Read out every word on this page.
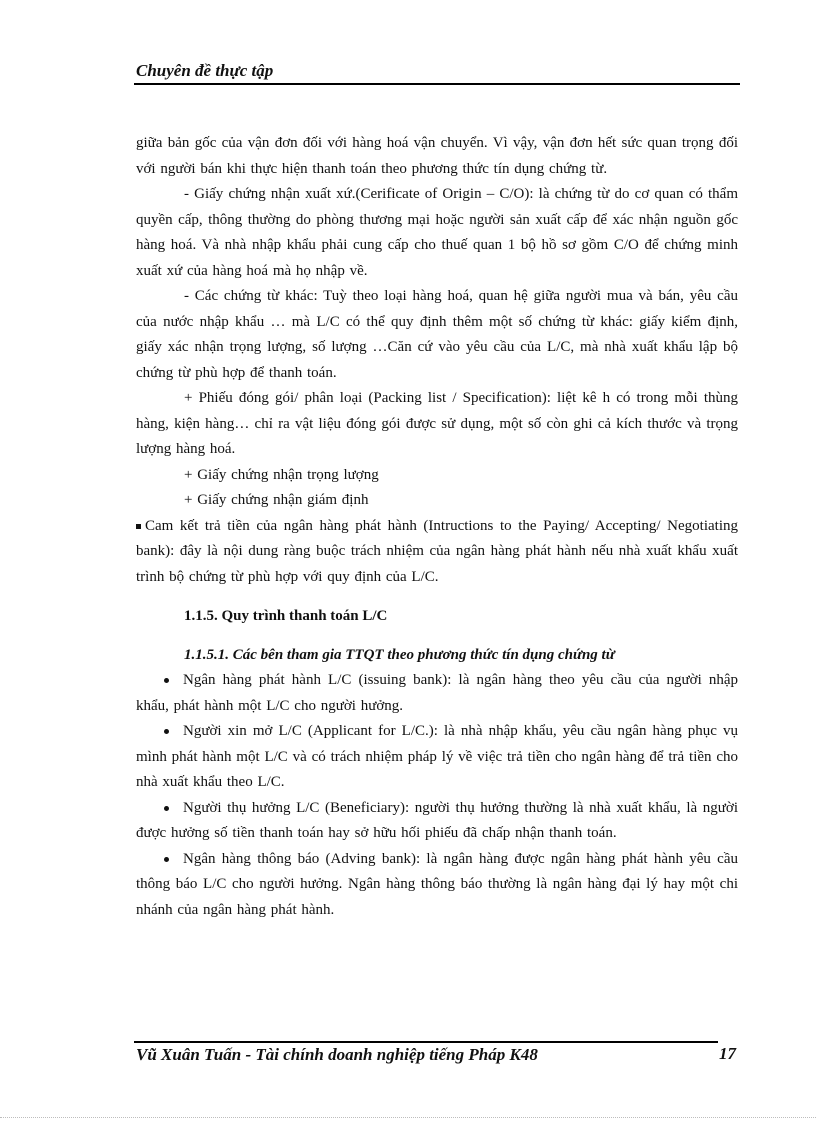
Chuyên đề thực tập

giữa bản gốc của vận đơn đối với hàng hoá vận chuyển. Vì vậy, vận đơn hết sức quan trọng đối với người bán khi thực hiện thanh toán theo phương thức tín dụng chứng từ.

- Giấy chứng nhận xuất xứ.(Cerificate of Origin – C/O): là chứng từ do cơ quan có thẩm quyền cấp, thông thường do phòng thương mại hoặc người sản xuất cấp để xác nhận nguồn gốc hàng hoá. Và nhà nhập khẩu phải cung cấp cho thuế quan 1 bộ hồ sơ gồm C/O để chứng minh xuất xứ của hàng hoá mà họ nhập về.

- Các chứng từ khác: Tuỳ theo loại hàng hoá, quan hệ giữa người mua và bán, yêu cầu của nước nhập khẩu … mà L/C có thể quy định thêm một số chứng từ khác: giấy kiểm định, giấy xác nhận trọng lượng, số lượng …Căn cứ vào yêu cầu của L/C, mà nhà xuất khẩu lập bộ chứng từ phù hợp để thanh toán.

+ Phiếu đóng gói/ phân loại (Packing list / Specification): liệt kê h có trong mỗi thùng hàng, kiện hàng… chỉ ra vật liệu đóng gói được sử dụng, một số còn ghi cả kích thước và trọng lượng hàng hoá.

+ Giấy chứng nhận trọng lượng

+ Giấy chứng nhận giám định

Cam kết trả tiền của ngân hàng phát hành (Intructions to the Paying/ Accepting/ Negotiating bank): đây là nội dung ràng buộc trách nhiệm của ngân hàng phát hành nếu nhà xuất khẩu xuất trình bộ chứng từ phù hợp với quy định của L/C.

1.1.5. Quy trình thanh toán L/C

1.1.5.1. Các bên tham gia TTQT theo phương thức tín dụng chứng từ

Ngân hàng phát hành L/C (issuing bank): là ngân hàng theo yêu cầu của người nhập khẩu, phát hành một L/C cho người hưởng.

Người xin mở L/C (Applicant for L/C.): là nhà nhập khẩu, yêu cầu ngân hàng phục vụ mình phát hành một L/C và có trách nhiệm pháp lý về việc trả tiền cho ngân hàng để trả tiền cho nhà xuất khẩu theo L/C.

Người thụ hưởng L/C (Beneficiary): người thụ hưởng thường là nhà xuất khẩu, là người được hưởng số tiền thanh toán hay sở hữu hối phiếu đã chấp nhận thanh toán.

Ngân hàng thông báo (Adving bank): là ngân hàng được ngân hàng phát hành yêu cầu thông báo L/C cho người hưởng. Ngân hàng thông báo thường là ngân hàng đại lý hay một chi nhánh của ngân hàng phát hành.

Vũ Xuân Tuấn - Tài chính doanh nghiệp tiếng Pháp K48	17
